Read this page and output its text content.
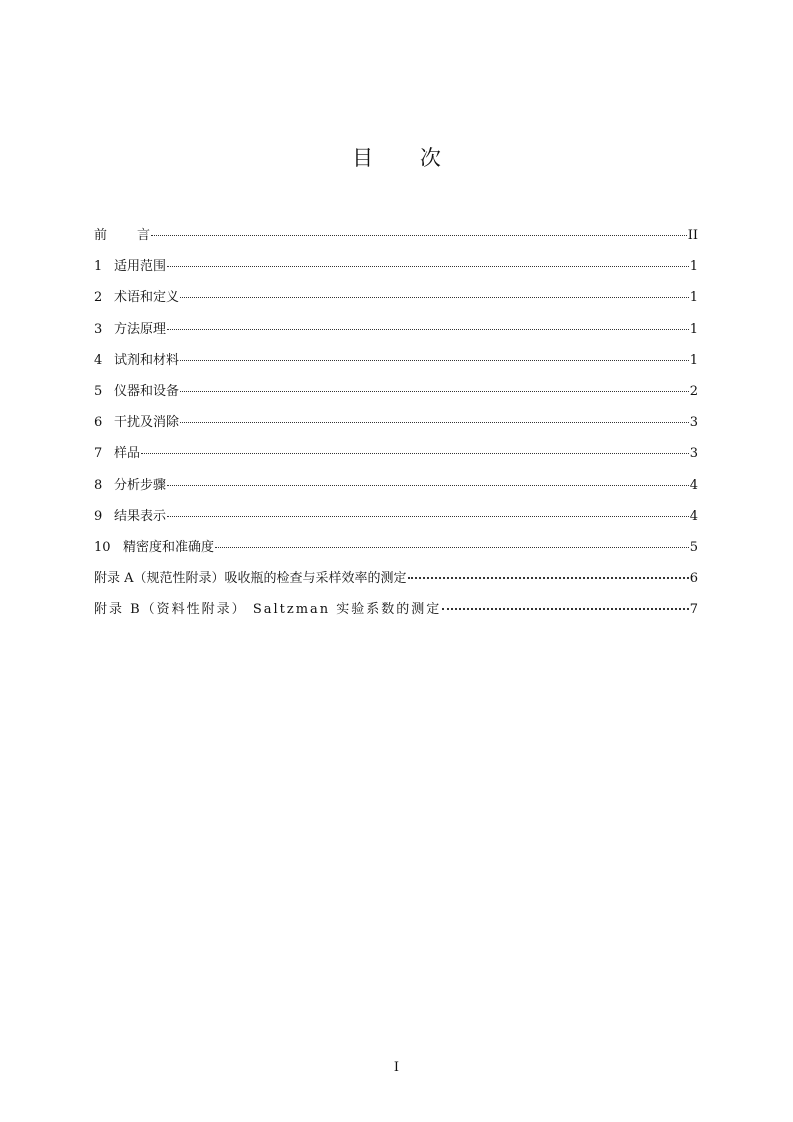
目 次
前 言	II
1 适用范围	1
2 术语和定义	1
3 方法原理	1
4 试剂和材料	1
5 仪器和设备	2
6 干扰及消除	3
7 样品	3
8 分析步骤	4
9 结果表示	4
10 精密度和准确度	5
附录 A（规范性附录）吸收瓶的检查与采样效率的测定	6
附录 B（资料性附录） Saltzman 实验系数的测定	7
I
